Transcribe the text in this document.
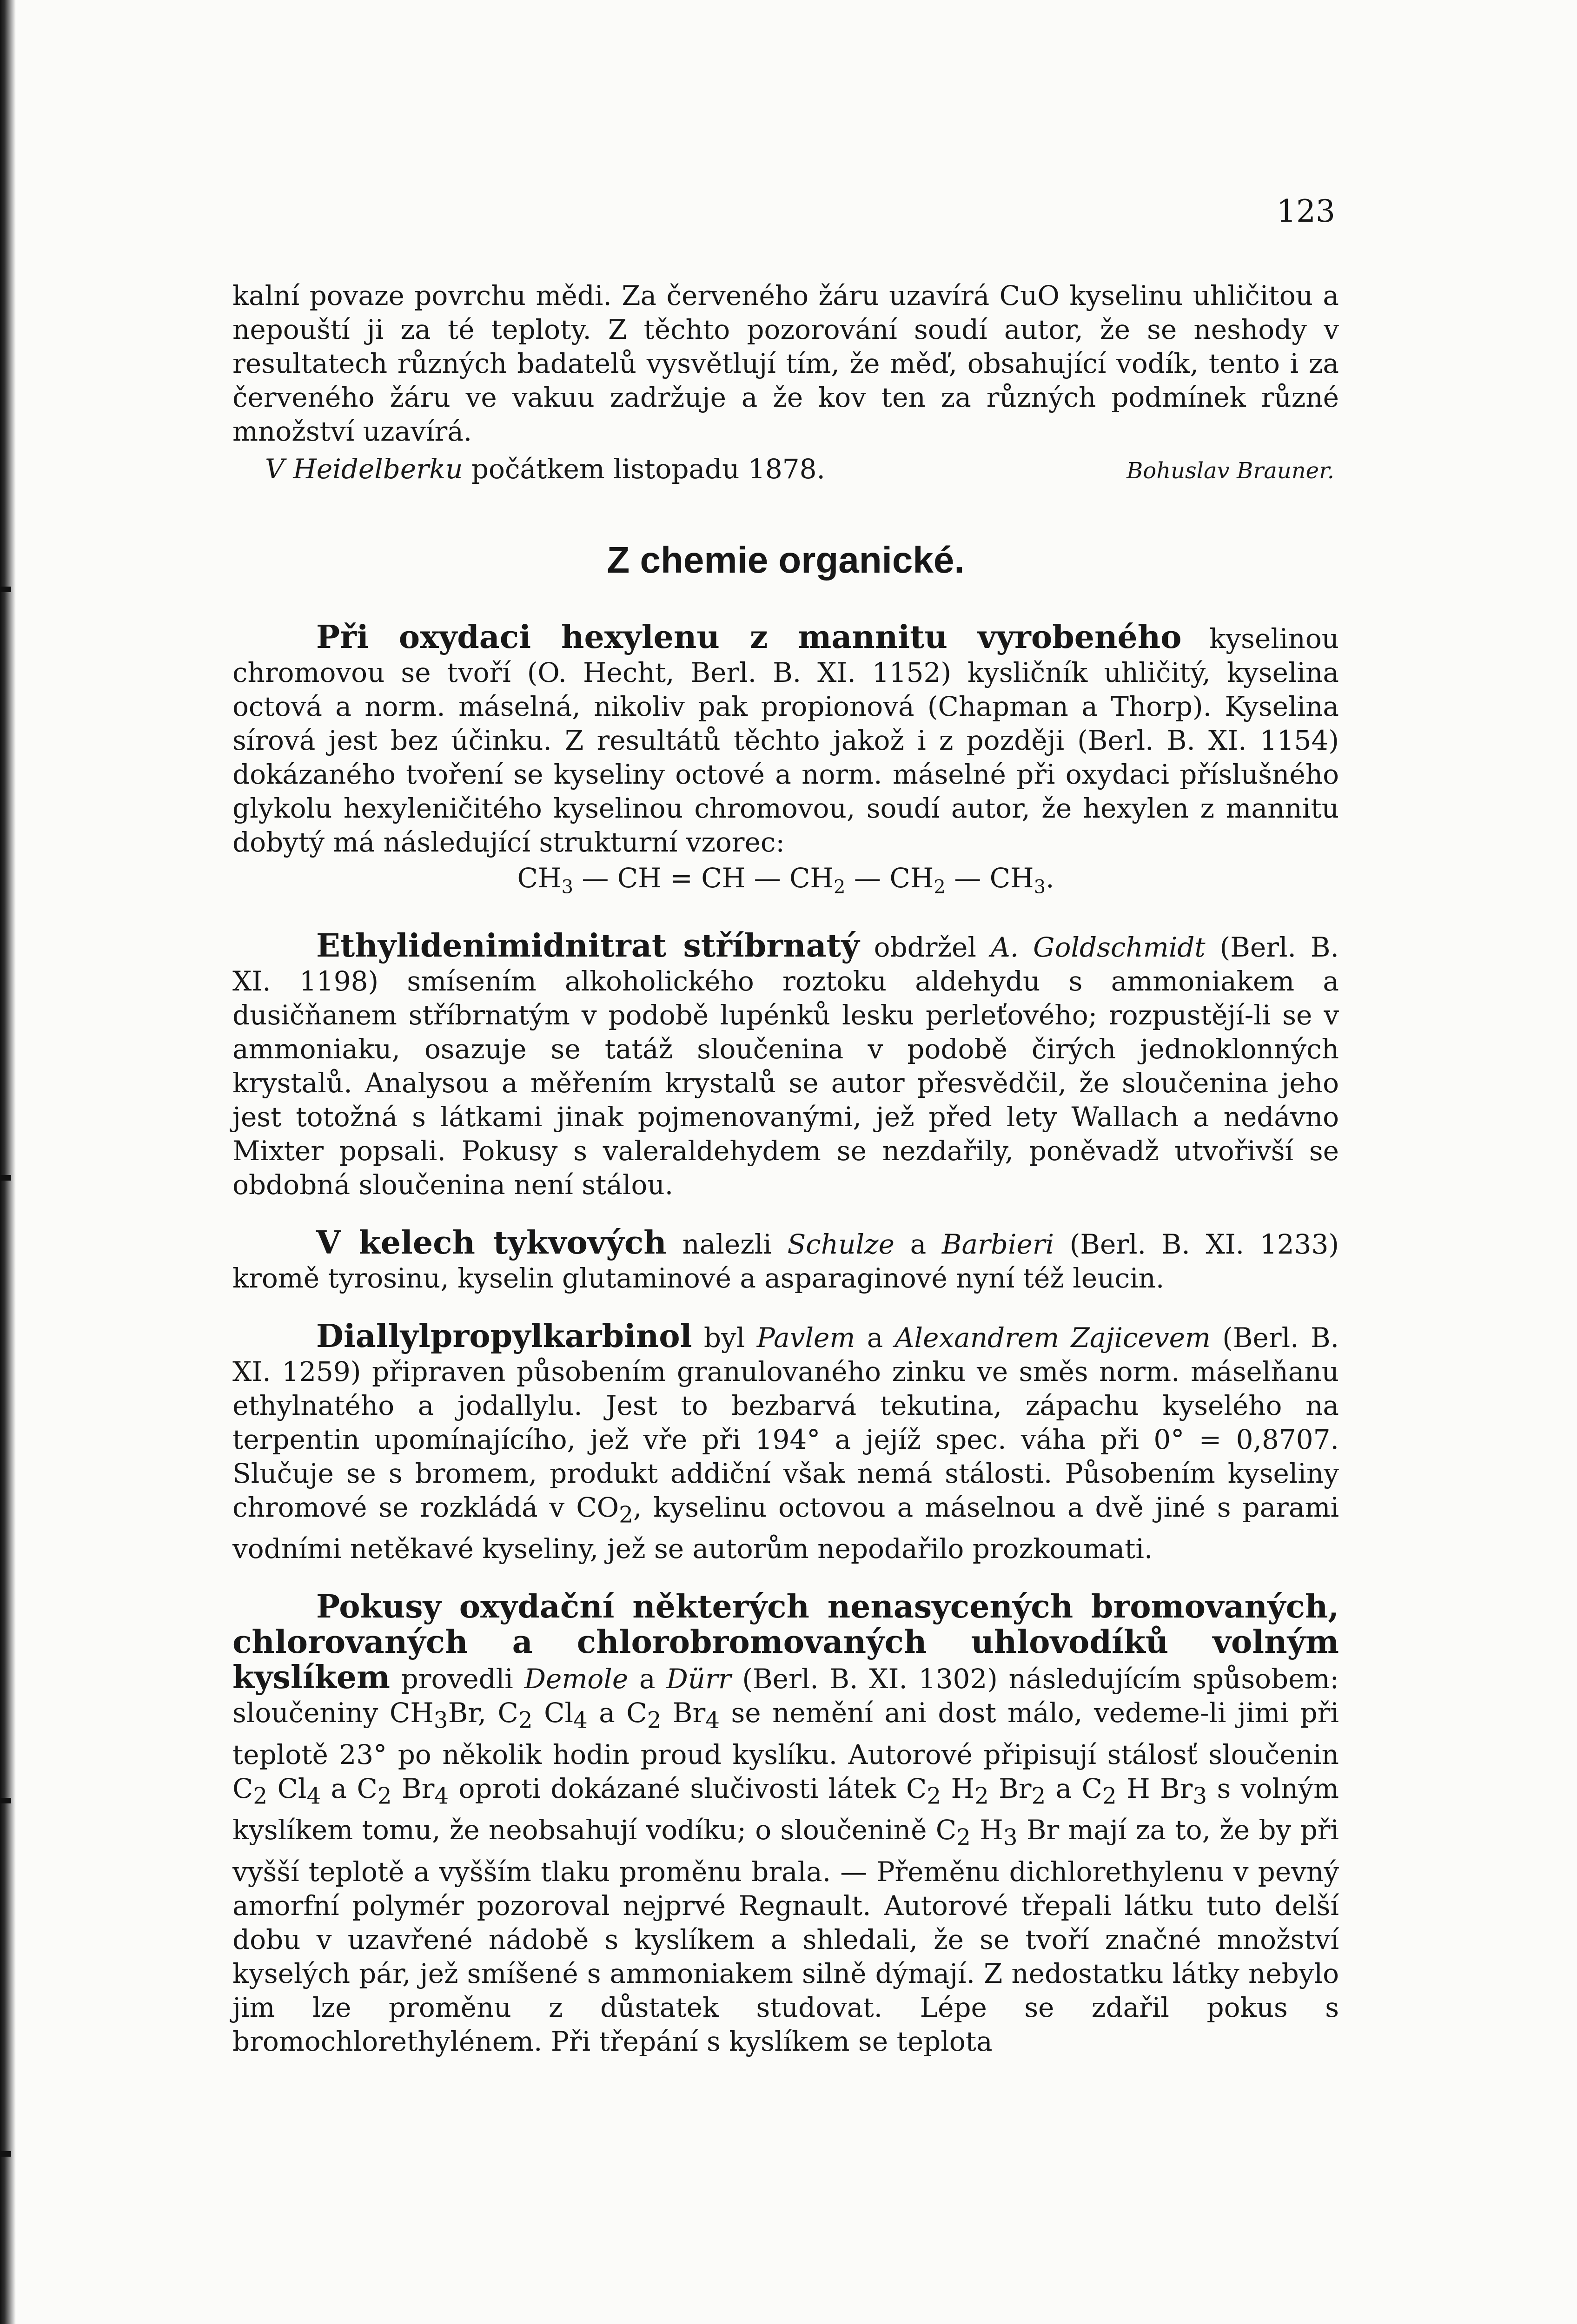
123

kalní povaze povrchu mědi. Za červeného žáru uzavírá CuO kyselinu uhličitou a nepouští ji za té teploty. Z těchto pozorování soudí autor, že se neshody v resultatech různých badatelů vysvětlují tím, že měď, obsahující vodík, tento i za červeného žáru ve vakuu zadržuje a že kov ten za různých podmínek různé množství uzavírá.

V Heidelberku počátkem listopadu 1878.	Bohuslav Brauner.
Z chemie organické.

Při oxydaci hexylenu z mannitu vyrobeného kyselinou chromovou se tvoří (O. Hecht, Berl. B. XI. 1152) kysličník uhličitý, kyselina octová a norm. máselná, nikoliv pak propionová (Chapman a Thorp). Kyselina sírová jest bez účinku. Z resultátů těchto jakož i z později (Berl. B. XI. 1154) dokázaného tvoření se kyseliny octové a norm. máselné při oxydaci příslušného glykolu hexyleničitého kyselinou chromovou, soudí autor, že hexylen z mannitu dobytý má následující strukturní vzorec:

$CH_3$ — CH = CH — $CH_2$ — $CH_2$ — $CH_3$.

Ethylidenimidnitrat stříbrnatý obdržel A. Goldschmidt (Berl. B. XI. 1198) smísením alkoholického roztoku aldehydu s ammoniakem a dusičňanem stříbrnatým v podobě lupénků lesku perleťového; rozpustějí-li se v ammoniaku, osazuje se tatáž sloučenina v podobě čirých jednoklonných krystalů. Analysou a měřením krystalů se autor přesvědčil, že sloučenina jeho jest totožná s látkami jinak pojmenovanými, jež před lety Wallach a nedávno Mixter popsali. Pokusy s valeraldehydem se nezdařily, poněvadž utvořivší se obdobná sloučenina není stálou.

V kelech tykvových nalezli Schulze a Barbieri (Berl. B. XI. 1233) kromě tyrosinu, kyselin glutaminové a asparaginové nyní též leucin.

Diallylpropylkarbinol byl Pavlem a Alexandrem Zajicevem (Berl. B. XI. 1259) připraven působením granulovaného zinku ve směs norm. máselňanu ethylnatého a jodallylu. Jest to bezbarvá tekutina, zápachu kyselého na terpentin upomínajícího, jež vře při 194° a jejíž spec. váha při 0° = 0,8707. Slučuje se s bromem, produkt addiční však nemá stálosti. Působením kyseliny chromové se rozkládá v $CO_2$, kyselinu octovou a máselnou a dvě jiné s parami vodními netěkavé kyseliny, jež se autorům nepodařilo prozkoumati.

Pokusy oxydační některých nenasycených bromovaných, chlorovaných a chlorobromovaných uhlovodíků volným kyslíkem provedli Demole a Dürr (Berl. B. XI. 1302) následujícím spůsobem: sloučeniny $CH_3Br$, $C_2$ $Cl_4$ a $C_2$ $Br_4$ se nemění ani dost málo, vedeme-li jimi při teplotě 23° po několik hodin proud kyslíku. Autorové připisují stálosť sloučenin $C_2$ $Cl_4$ a $C_2$ $Br_4$ oproti dokázané slučivosti látek $C_2$ $H_2$ $Br_2$ a $C_2$ H $Br_3$ s volným kyslíkem tomu, že neobsahují vodíku; o sloučenině $C_2$ $H_3$ Br mají za to, že by při vyšší teplotě a vyšším tlaku proměnu brala. — Přeměnu dichlorethylenu v pevný amorfní polymér pozoroval nejprvé Regnault. Autorové třepali látku tuto delší dobu v uzavřené nádobě s kyslíkem a shledali, že se tvoří značné množství kyselých pár, jež smíšené s ammoniakem silně dýmají. Z nedostatku látky nebylo jim lze proměnu z důstatek studovat. Lépe se zdařil pokus s bromochlorethylénem. Při třepání s kyslíkem se teplota
